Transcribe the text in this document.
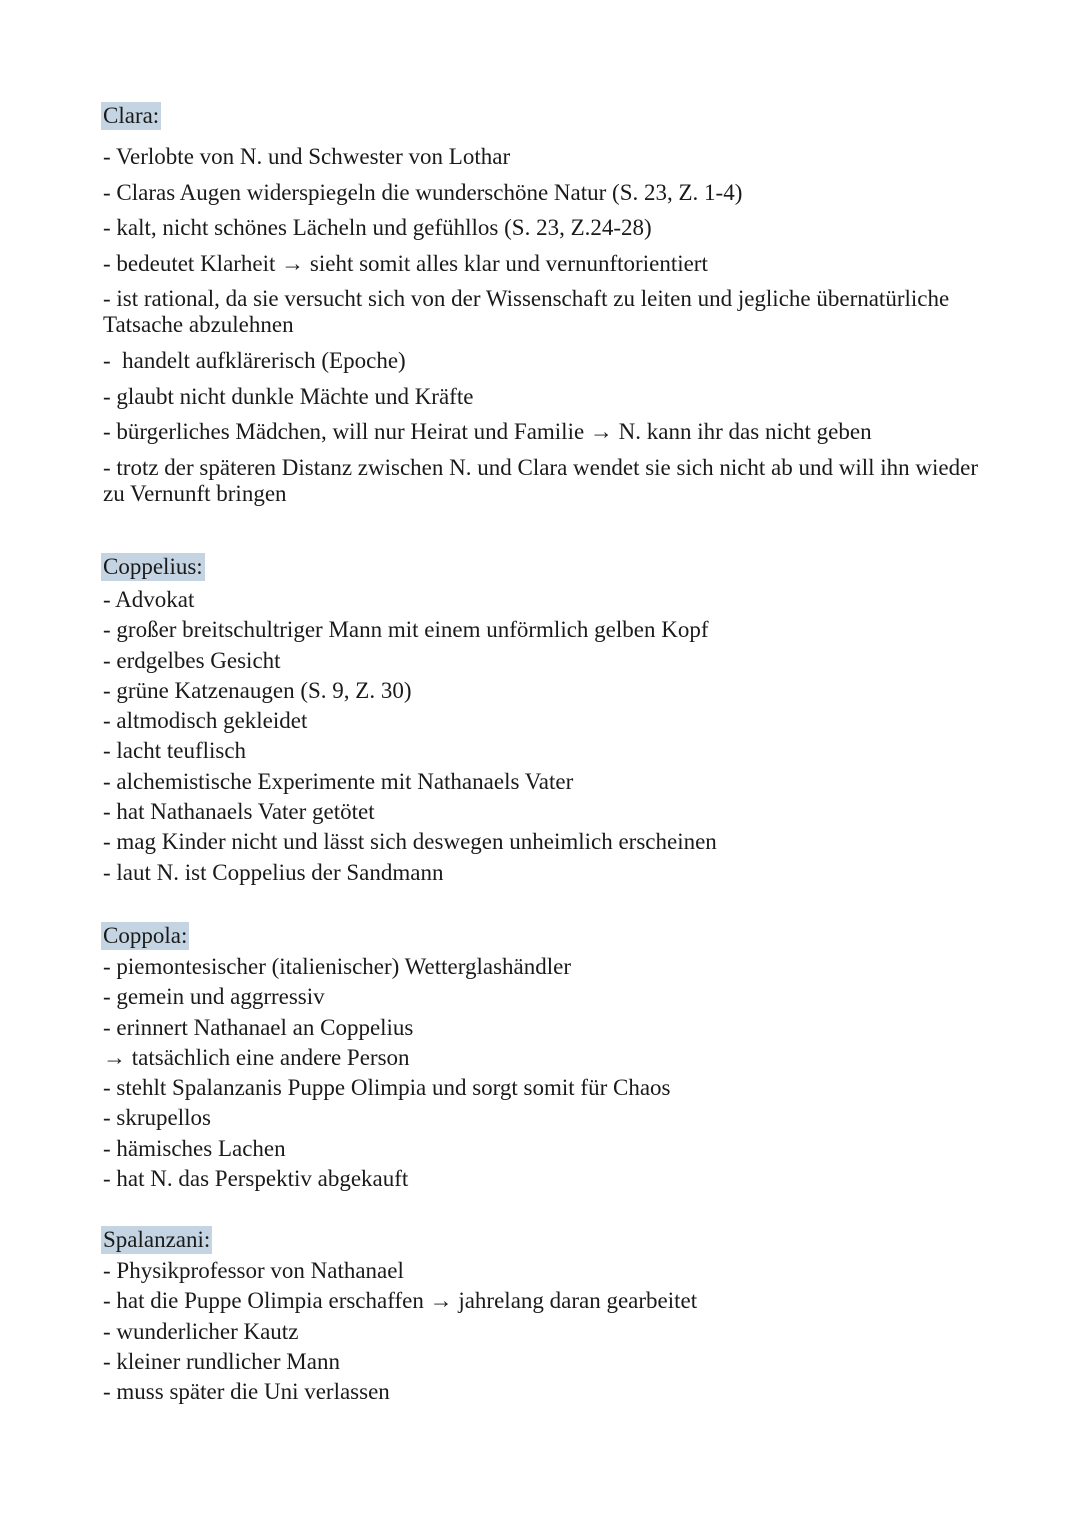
Clara:
- Verlobte von N. und Schwester von Lothar
- Claras Augen widerspiegeln die wunderschöne Natur (S. 23, Z. 1-4)
- kalt, nicht schönes Lächeln und gefühllos (S. 23, Z.24-28)
- bedeutet Klarheit → sieht somit alles klar und vernunftorientiert
- ist rational, da sie versucht sich von der Wissenschaft zu leiten und jegliche übernatürliche Tatsache abzulehnen
-  handelt aufklärerisch (Epoche)
- glaubt nicht dunkle Mächte und Kräfte
- bürgerliches Mädchen, will nur Heirat und Familie → N. kann ihr das nicht geben
- trotz der späteren Distanz zwischen N. und Clara wendet sie sich nicht ab und will ihn wieder zu Vernunft bringen
Coppelius:
- Advokat
- großer breitschultriger Mann mit einem unförmlich gelben Kopf
- erdgelbes Gesicht
- grüne Katzenaugen (S. 9, Z. 30)
- altmodisch gekleidet
- lacht teuflisch
- alchemistische Experimente mit Nathanaels Vater
- hat Nathanaels Vater getötet
- mag Kinder nicht und lässt sich deswegen unheimlich erscheinen
- laut N. ist Coppelius der Sandmann
Coppola:
- piemontesischer (italienischer) Wetterglashändler
- gemein und aggrressiv
- erinnert Nathanael an Coppelius
→ tatsächlich eine andere Person
- stehlt Spalanzanis Puppe Olimpia und sorgt somit für Chaos
- skrupellos
- hämisches Lachen
- hat N. das Perspektiv abgekauft
Spalanzani:
- Physikprofessor von Nathanael
- hat die Puppe Olimpia erschaffen → jahrelang daran gearbeitet
- wunderlicher Kautz
- kleiner rundlicher Mann
- muss später die Uni verlassen
